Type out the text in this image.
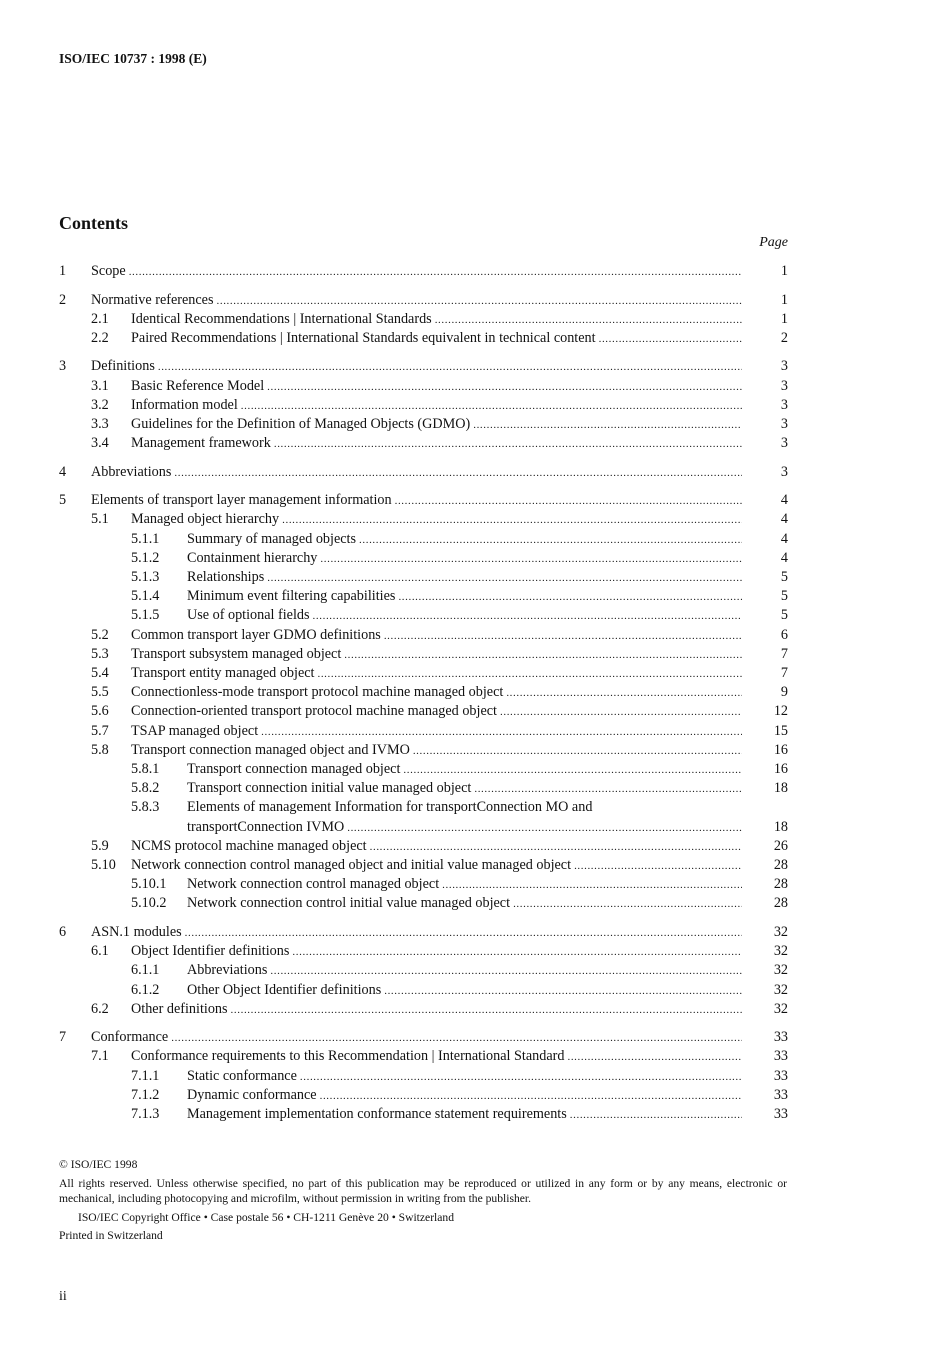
ISO/IEC 10737 : 1998 (E)
Contents
Page
1 Scope .....	1
2 Normative references .....	1
2.1 Identical Recommendations | International Standards .....	1
2.2 Paired Recommendations | International Standards equivalent in technical content .....	2
3 Definitions .....	3
3.1 Basic Reference Model .....	3
3.2 Information model .....	3
3.3 Guidelines for the Definition of Managed Objects (GDMO) .....	3
3.4 Management framework .....	3
4 Abbreviations .....	3
5 Elements of transport layer management information .....	4
5.1 Managed object hierarchy .....	4
5.1.1 Summary of managed objects .....	4
5.1.2 Containment hierarchy .....	4
5.1.3 Relationships .....	5
5.1.4 Minimum event filtering capabilities .....	5
5.1.5 Use of optional fields .....	5
5.2 Common transport layer GDMO definitions .....	6
5.3 Transport subsystem managed object .....	7
5.4 Transport entity managed object .....	7
5.5 Connectionless-mode transport protocol machine managed object .....	9
5.6 Connection-oriented transport protocol machine managed object .....	12
5.7 TSAP managed object .....	15
5.8 Transport connection managed object and IVMO .....	16
5.8.1 Transport connection managed object .....	16
5.8.2 Transport connection initial value managed object .....	18
5.8.3 Elements of management Information for transportConnection MO and
transportConnection IVMO .....	18
5.9 NCMS protocol machine managed object .....	26
5.10 Network connection control managed object and initial value managed object .....	28
5.10.1 Network connection control managed object .....	28
5.10.2 Network connection control initial value managed object .....	28
6 ASN.1 modules .....	32
6.1 Object Identifier definitions .....	32
6.1.1 Abbreviations .....	32
6.1.2 Other Object Identifier definitions .....	32
6.2 Other definitions .....	32
7 Conformance .....	33
7.1 Conformance requirements to this Recommendation | International Standard .....	33
7.1.1 Static conformance .....	33
7.1.2 Dynamic conformance .....	33
7.1.3 Management implementation conformance statement requirements .....	33
© ISO/IEC 1998
All rights reserved. Unless otherwise specified, no part of this publication may be reproduced or utilized in any form or by any means, electronic or mechanical, including photocopying and microfilm, without permission in writing from the publisher.
ISO/IEC Copyright Office • Case postale 56 • CH-1211 Genève 20 • Switzerland
Printed in Switzerland
ii
